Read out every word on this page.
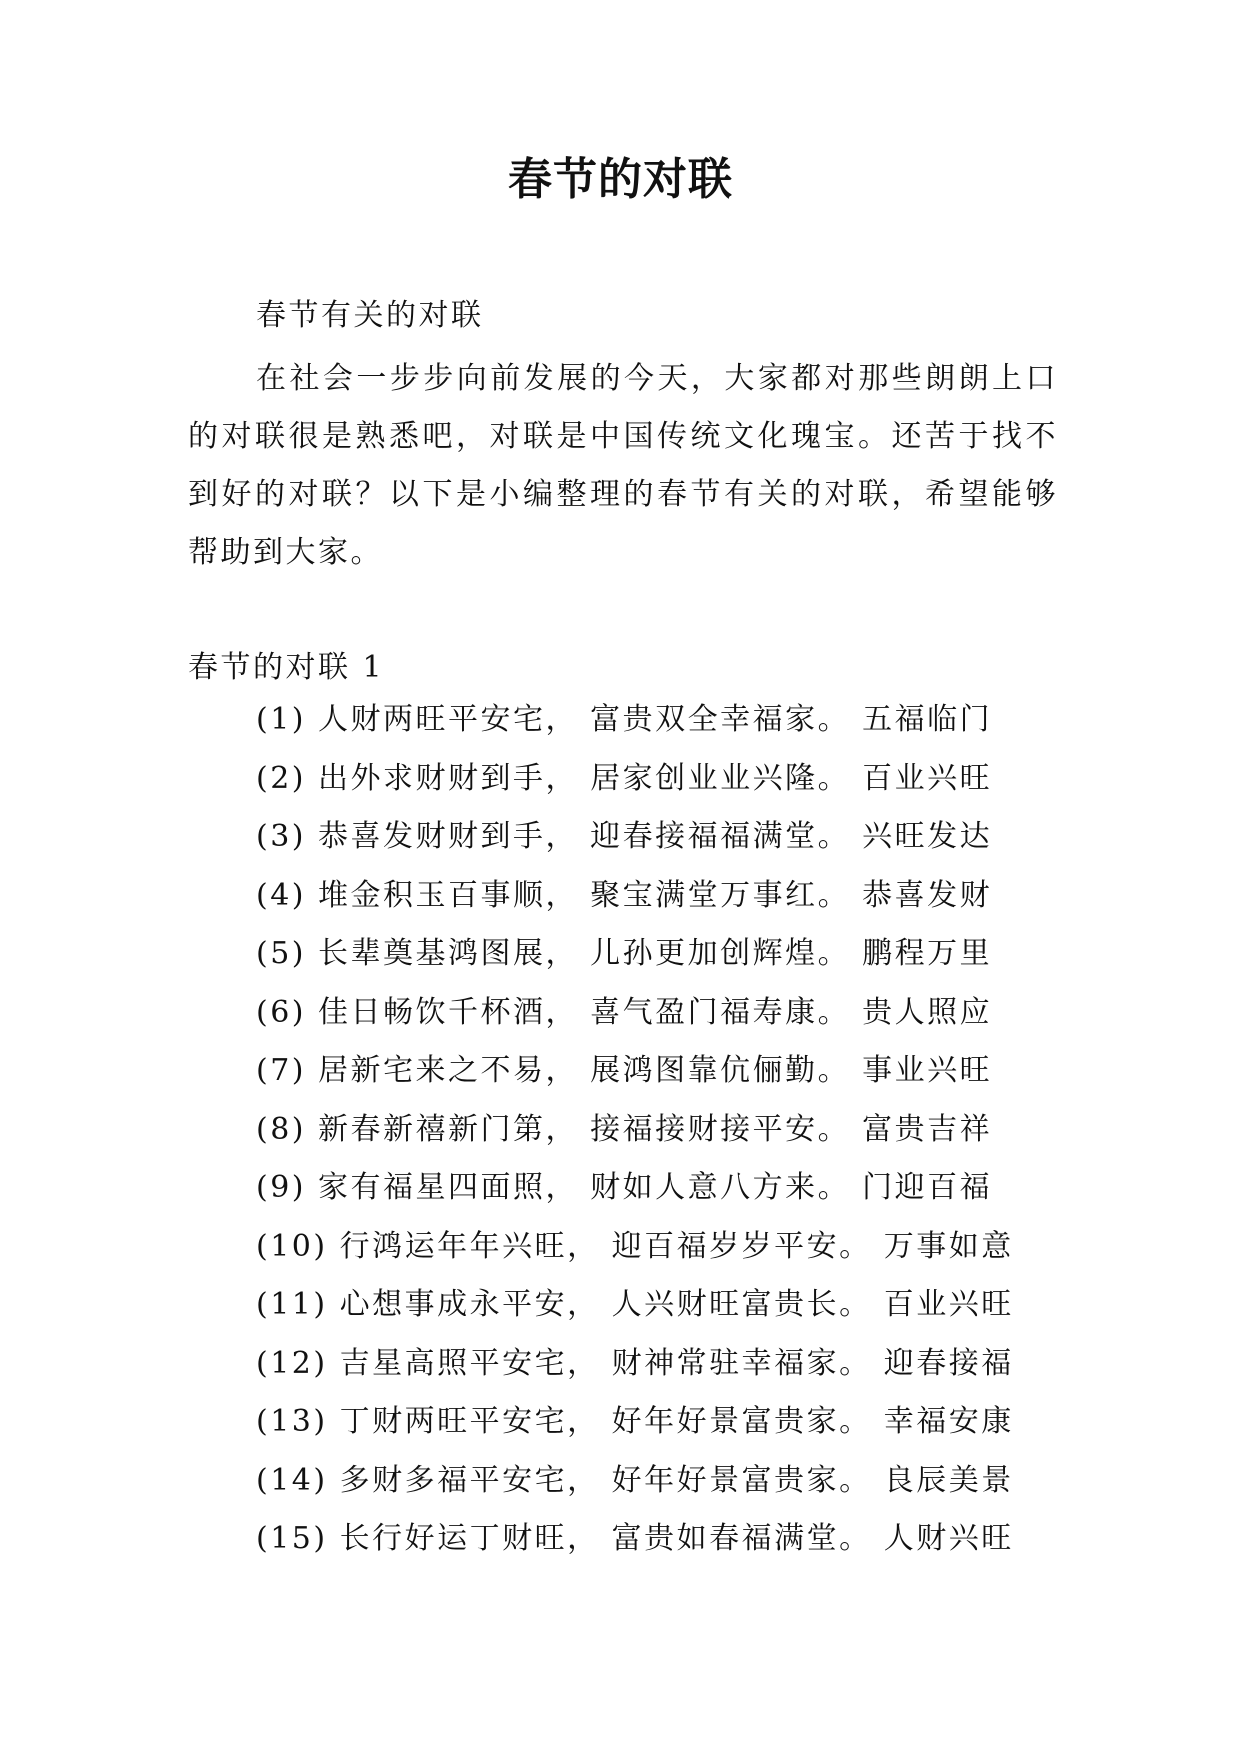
春节的对联
春节有关的对联
在社会一步步向前发展的今天，大家都对那些朗朗上口的对联很是熟悉吧，对联是中国传统文化瑰宝。还苦于找不到好的对联？以下是小编整理的春节有关的对联，希望能够帮助到大家。
春节的对联 1
(1) 人财两旺平安宅， 富贵双全幸福家。 五福临门
(2) 出外求财财到手， 居家创业业兴隆。 百业兴旺
(3) 恭喜发财财到手， 迎春接福福满堂。 兴旺发达
(4) 堆金积玉百事顺， 聚宝满堂万事红。 恭喜发财
(5) 长辈奠基鸿图展， 儿孙更加创辉煌。 鹏程万里
(6) 佳日畅饮千杯酒， 喜气盈门福寿康。 贵人照应
(7) 居新宅来之不易， 展鸿图靠伉俪勤。 事业兴旺
(8) 新春新禧新门第， 接福接财接平安。 富贵吉祥
(9) 家有福星四面照， 财如人意八方来。 门迎百福
(10) 行鸿运年年兴旺， 迎百福岁岁平安。 万事如意
(11) 心想事成永平安， 人兴财旺富贵长。 百业兴旺
(12) 吉星高照平安宅， 财神常驻幸福家。 迎春接福
(13) 丁财两旺平安宅， 好年好景富贵家。 幸福安康
(14) 多财多福平安宅， 好年好景富贵家。 良辰美景
(15) 长行好运丁财旺， 富贵如春福满堂。 人财兴旺
